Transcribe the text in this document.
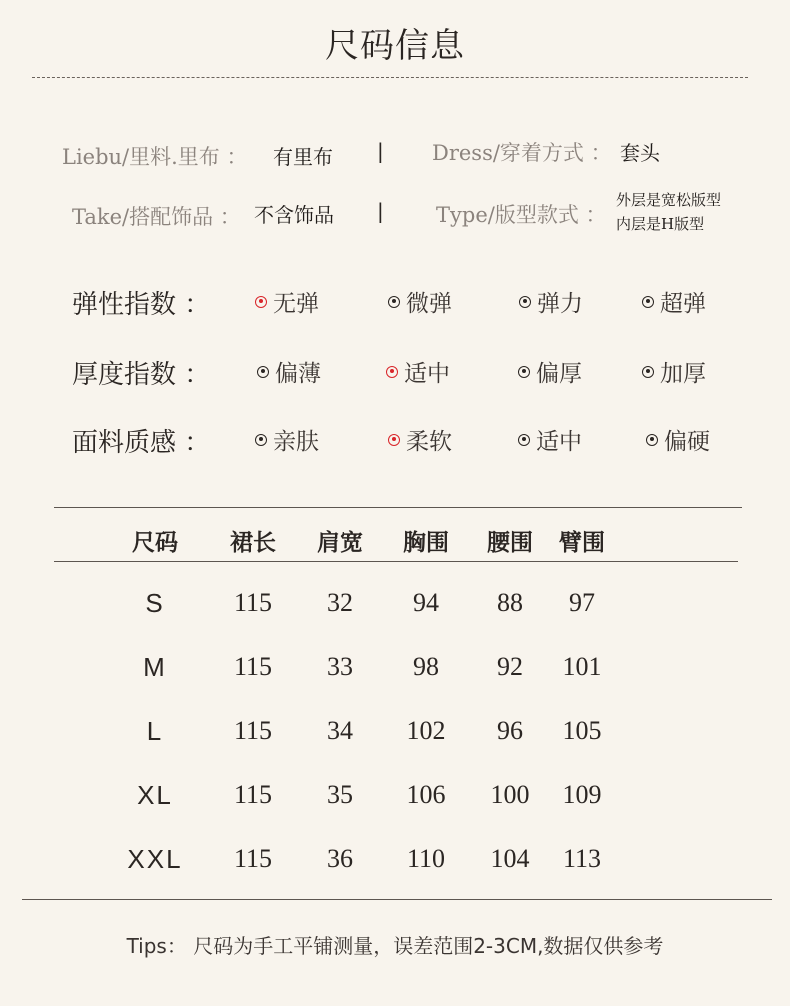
尺码信息
Liebu/里料.里布 ： 有里布 | Dress/穿着方式 ： 套头
Take/搭配饰品 ： 不含饰品 | Type/版型款式 ：
外层是宽松版型
内层是H版型
弹性指数 ：	无弹	微弹	弹力	超弹
厚度指数 ：	偏薄	适中	偏厚	加厚
面料质感 ：	亲肤	柔软	适中	偏硬
尺码	裙长	肩宽	胸围	腰围	臂围
S	115	32	94	88	97
M	115	33	98	92	101
L	115	34	102	96	105
XL	115	35	106	100	109
XXL	115	36	110	104	113
Tips： 尺码为手工平铺测量，误差范围2-3CM,数据仅供参考
